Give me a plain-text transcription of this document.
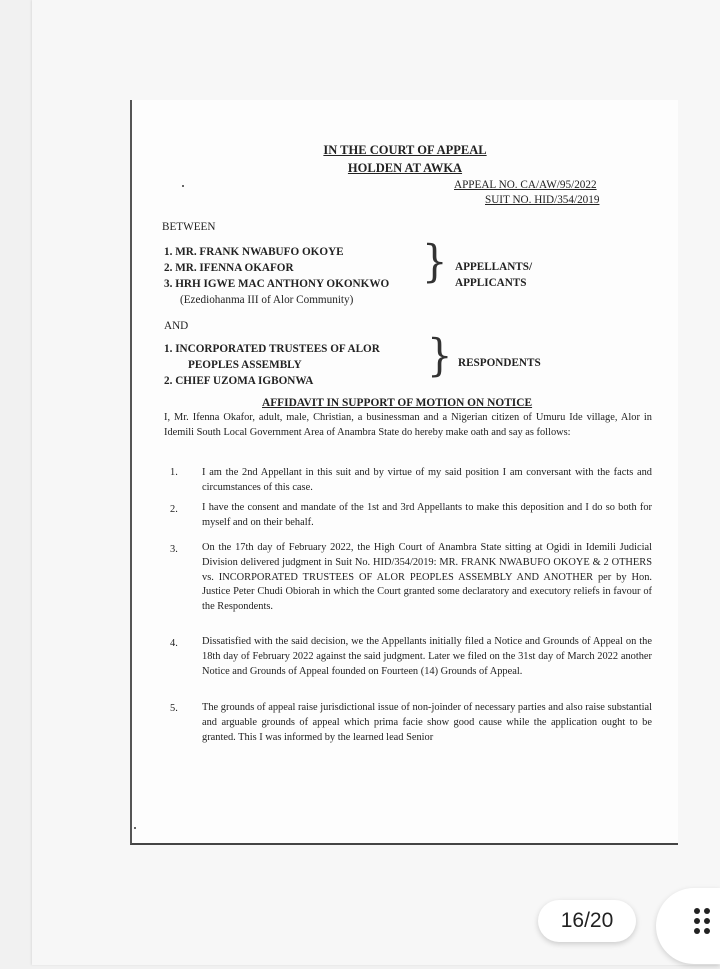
IN THE COURT OF APPEAL
HOLDEN AT AWKA
APPEAL NO. CA/AW/95/2022
SUIT NO. HID/354/2019
BETWEEN
1. MR. FRANK NWABUFO OKOYE
2. MR. IFENNA OKAFOR
3. HRH IGWE MAC ANTHONY OKONKWO
(Ezediohanma III of Alor Community)
} APPELLANTS/
APPLICANTS
AND
1. INCORPORATED TRUSTEES OF ALOR
PEOPLES ASSEMBLY
2. CHIEF UZOMA IGBONWA	} RESPONDENTS
AFFIDAVIT IN SUPPORT OF MOTION ON NOTICE
I, Mr. Ifenna Okafor, adult, male, Christian, a businessman and a Nigerian citizen of Umuru Ide village, Alor in Idemili South Local Government Area of Anambra State do hereby make oath and say as follows:
1. I am the 2nd Appellant in this suit and by virtue of my said position I am conversant with the facts and circumstances of this case.
2. I have the consent and mandate of the 1st and 3rd Appellants to make this deposition and I do so both for myself and on their behalf.
3. On the 17th day of February 2022, the High Court of Anambra State sitting at Ogidi in Idemili Judicial Division delivered judgment in Suit No. HID/354/2019: MR. FRANK NWABUFO OKOYE & 2 OTHERS vs. INCORPORATED TRUSTEES OF ALOR PEOPLES ASSEMBLY AND ANOTHER per by Hon. Justice Peter Chudi Obiorah in which the Court granted some declaratory and executory reliefs in favour of the Respondents.
4. Dissatisfied with the said decision, we the Appellants initially filed a Notice and Grounds of Appeal on the 18th day of February 2022 against the said judgment. Later we filed on the 31st day of March 2022 another Notice and Grounds of Appeal founded on Fourteen (14) Grounds of Appeal.
5. The grounds of appeal raise jurisdictional issue of non-joinder of necessary parties and also raise substantial and arguable grounds of appeal which prima facie show good cause while the application ought to be granted. This I was informed by the learned lead Senior
16/20
